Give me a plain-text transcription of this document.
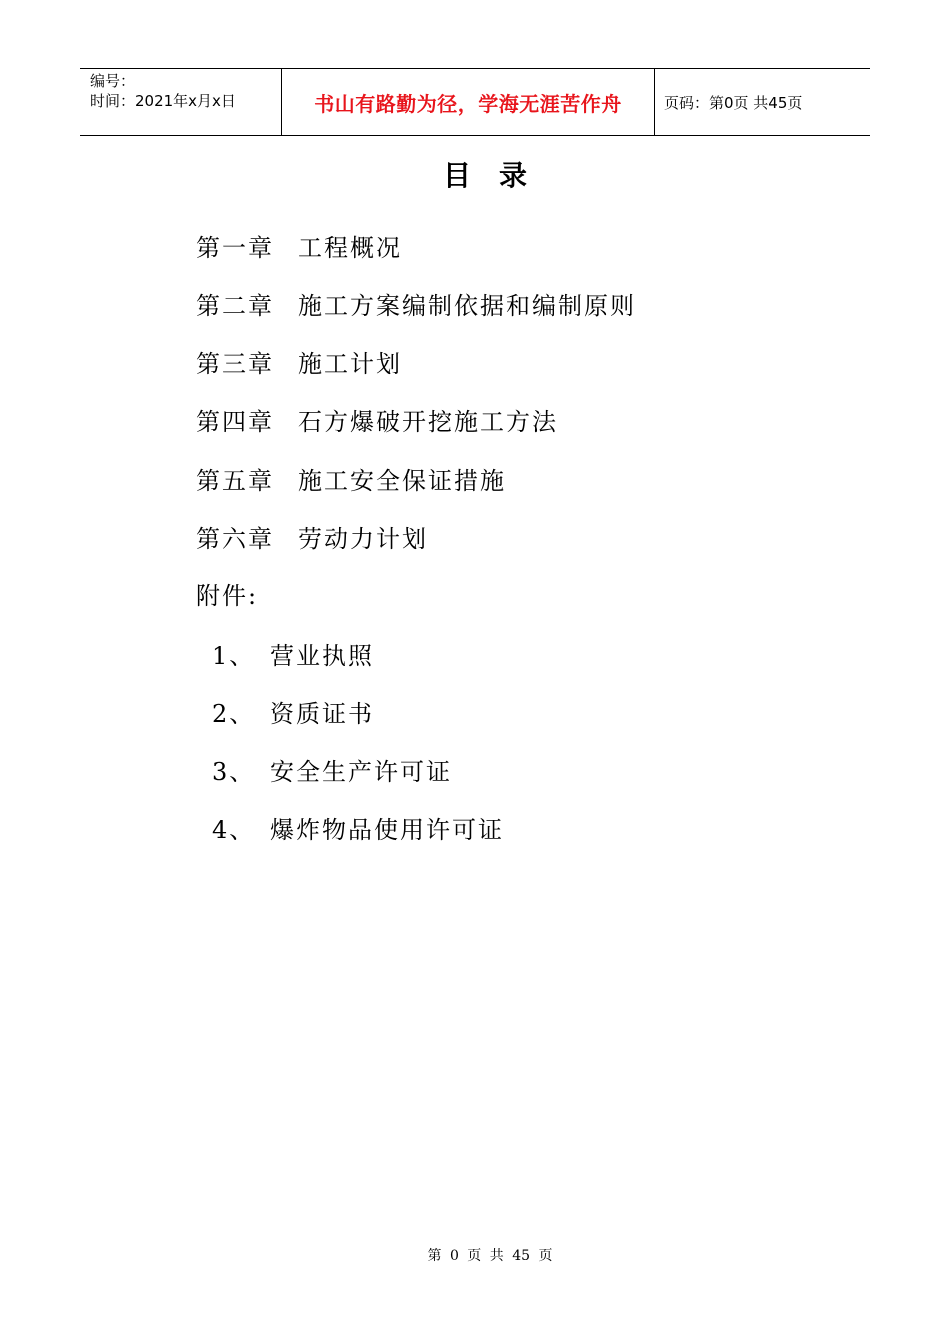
编号：
时间：2021年x月x日	书山有路勤为径，学海无涯苦作舟	页码：第0页 共45页
目录
第一章 工程概况
第二章 施工方案编制依据和编制原则
第三章 施工计划
第四章 石方爆破开挖施工方法
第五章 施工安全保证措施
第六章 劳动力计划
附件:
1、 营业执照
2、 资质证书
3、 安全生产许可证
4、 爆炸物品使用许可证
第 0 页 共 45 页
